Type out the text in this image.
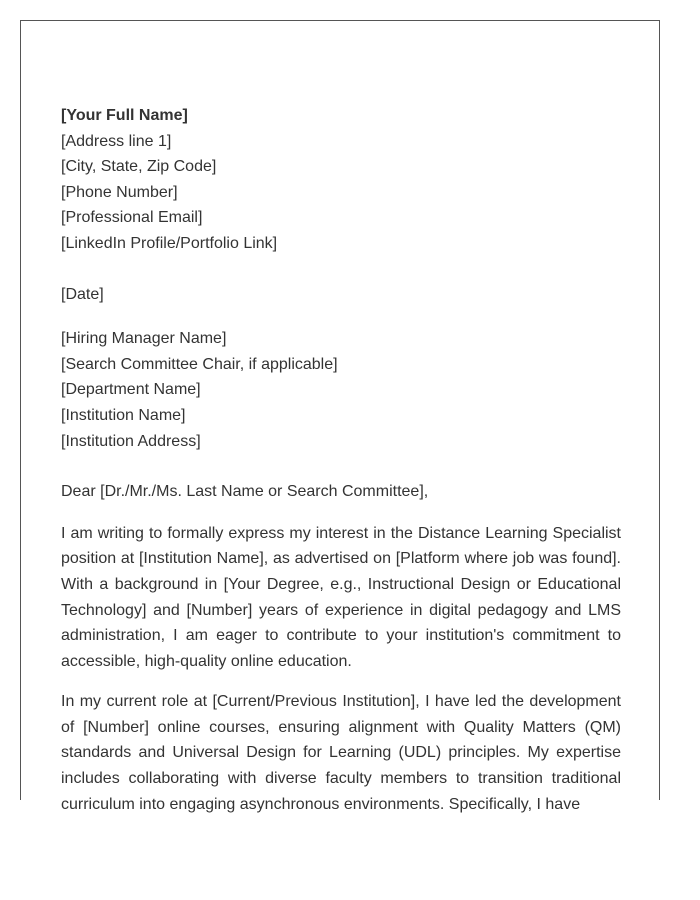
[Your Full Name]
[Address line 1]
[City, State, Zip Code]
[Phone Number]
[Professional Email]
[LinkedIn Profile/Portfolio Link]
[Date]
[Hiring Manager Name]
[Search Committee Chair, if applicable]
[Department Name]
[Institution Name]
[Institution Address]
Dear [Dr./Mr./Ms. Last Name or Search Committee],

I am writing to formally express my interest in the Distance Learning Specialist position at [Institution Name], as advertised on [Platform where job was found]. With a background in [Your Degree, e.g., Instructional Design or Educational Technology] and [Number] years of experience in digital pedagogy and LMS administration, I am eager to contribute to your institution's commitment to accessible, high-quality online education.

In my current role at [Current/Previous Institution], I have led the development of [Number] online courses, ensuring alignment with Quality Matters (QM) standards and Universal Design for Learning (UDL) principles. My expertise includes collaborating with diverse faculty members to transition traditional curriculum into engaging asynchronous environments. Specifically, I have
